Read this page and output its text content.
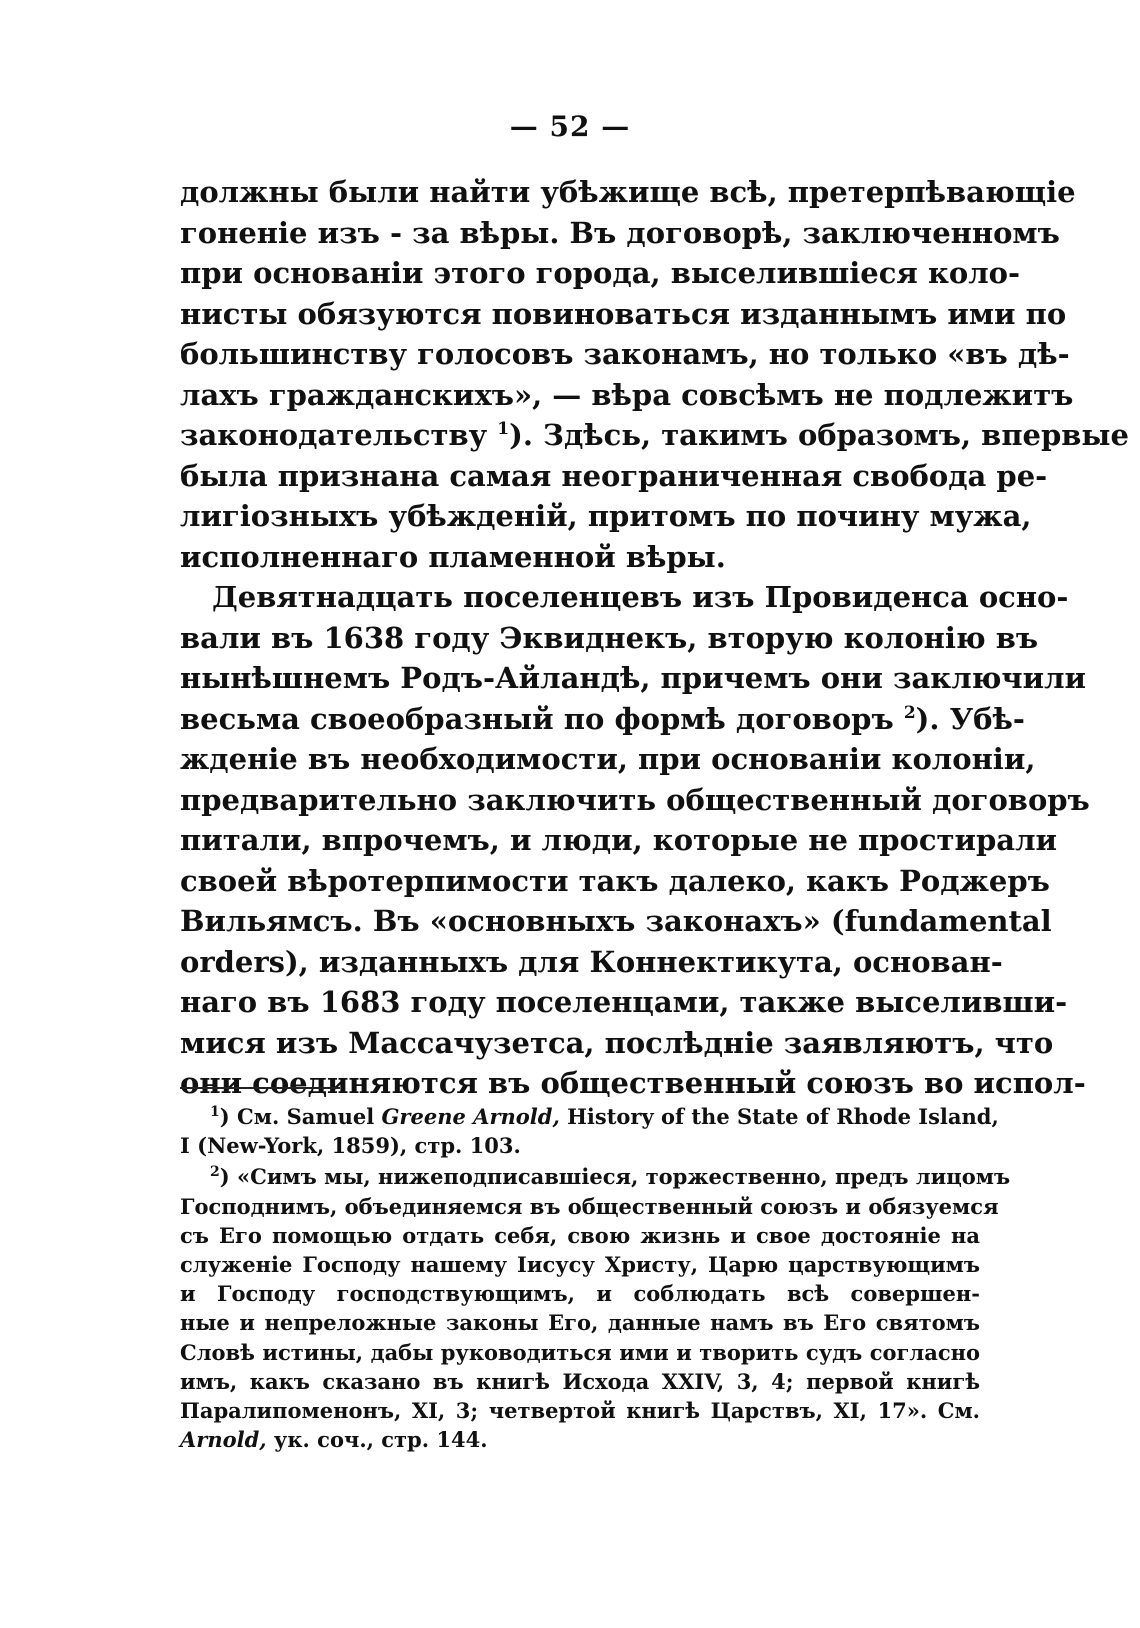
— 52 —
должны были найти убѣжище всѣ, претерпѣвающіе
гоненіе изъ - за вѣры. Въ договорѣ, заключенномъ
при основаніи этого города, выселившіеся коло-
нисты обязуются повиноваться изданнымъ ими по
большинству голосовъ законамъ, но только «въ дѣ-
лахъ гражданскихъ», — вѣра совсѣмъ не подлежитъ
законодательству $^1$). Здѣсь, такимъ образомъ, впервые
была признана самая неограниченная свобода ре-
лигіозныхъ убѣжденій, притомъ по почину мужа,
исполненнаго пламенной вѣры.
Девятнадцать поселенцевъ изъ Провиденса осно-
вали въ 1638 году Эквиднекъ, вторую колонію въ
нынѣшнемъ Родъ-Айландѣ, причемъ они заключили
весьма своеобразный по формѣ договоръ $^2$). Убѣ-
жденіе въ необходимости, при основаніи колоніи,
предварительно заключить общественный договоръ
питали, впрочемъ, и люди, которые не простирали
своей вѣротерпимости такъ далеко, какъ Роджеръ
Вильямсъ. Въ «основныхъ законахъ» (fundamental
orders), изданныхъ для Коннектикута, основан-
наго въ 1683 году поселенцами, также выселивши-
мися изъ Массачузетса, послѣдніе заявляютъ, что
они соединяются въ общественный союзъ во испол-
$^1$) См. Samuel Greene Arnold, History of the State of Rhode Island,
I (New-York, 1859), стр. 103.
$^2$) «Симъ мы, нижеподписавшіеся, торжественно, предъ лицомъ
Господнимъ, объединяемся въ общественный союзъ и обязуемся
съ Его помощью отдать себя, свою жизнь и свое достояніе на
служеніе Господу нашему Іисусу Христу, Царю царствующимъ
и Господу господствующимъ, и соблюдать всѣ совершен-
ные и непреложные законы Его, данные намъ въ Его святомъ
Словѣ истины, дабы руководиться ими и творить судъ согласно
имъ, какъ сказано въ книгѣ Исхода XXIV, 3, 4; первой книгѣ
Паралипоменонъ, XI, 3; четвертой книгѣ Царствъ, XI, 17». См.
Arnold, ук. соч., стр. 144.
